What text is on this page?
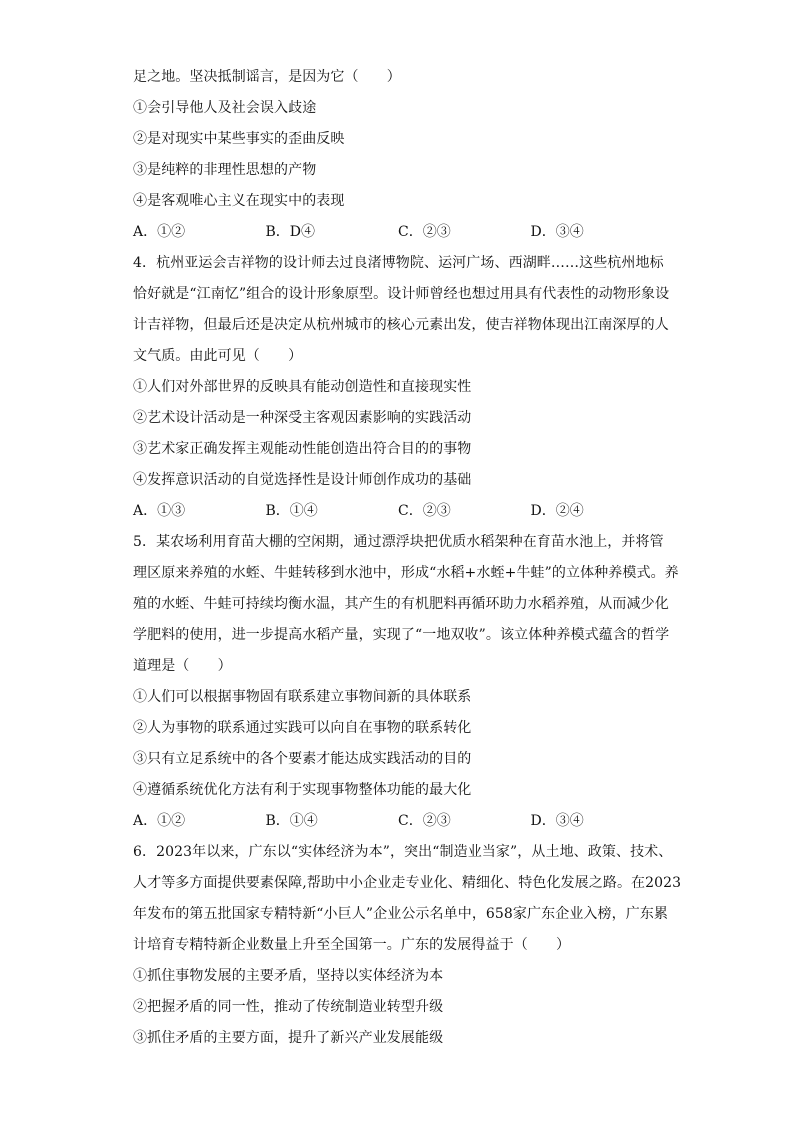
足之地。坚决抵制谣言，是因为它（　　）
①会引导他人及社会误入歧途
②是对现实中某些事实的歪曲反映
③是纯粹的非理性思想的产物
④是客观唯心主义在现实中的表现
A．①②	B．D④	C．②③	D．③④
4．杭州亚运会吉祥物的设计师去过良渚博物院、运河广场、西湖畔……这些杭州地标
恰好就是“江南忆”组合的设计形象原型。设计师曾经也想过用具有代表性的动物形象设
计吉祥物，但最后还是决定从杭州城市的核心元素出发，使吉祥物体现出江南深厚的人
文气质。由此可见（　　）
①人们对外部世界的反映具有能动创造性和直接现实性
②艺术设计活动是一种深受主客观因素影响的实践活动
③艺术家正确发挥主观能动性能创造出符合目的的事物
④发挥意识活动的自觉选择性是设计师创作成功的基础
A．①③	B．①④	C．②③	D．②④
5．某农场利用育苗大棚的空闲期，通过漂浮块把优质水稻架种在育苗水池上，并将管
理区原来养殖的水蛭、牛蛙转移到水池中，形成“水稻+水蛭+牛蛙”的立体种养模式。养
殖的水蛭、牛蛙可持续均衡水温，其产生的有机肥料再循环助力水稻养殖，从而减少化
学肥料的使用，进一步提高水稻产量，实现了“一地双收”。该立体种养模式蕴含的哲学
道理是（　　）
①人们可以根据事物固有联系建立事物间新的具体联系
②人为事物的联系通过实践可以向自在事物的联系转化
③只有立足系统中的各个要素才能达成实践活动的目的
④遵循系统优化方法有利于实现事物整体功能的最大化
A．①②	B．①④	C．②③	D．③④
6．2023年以来，广东以“实体经济为本”，突出“制造业当家”，从土地、政策、技术、
人才等多方面提供要素保障,帮助中小企业走专业化、精细化、特色化发展之路。在2023
年发布的第五批国家专精特新“小巨人”企业公示名单中，658家广东企业入榜，广东累
计培育专精特新企业数量上升至全国第一。广东的发展得益于（　　）
①抓住事物发展的主要矛盾，坚持以实体经济为本
②把握矛盾的同一性，推动了传统制造业转型升级
③抓住矛盾的主要方面，提升了新兴产业发展能级
